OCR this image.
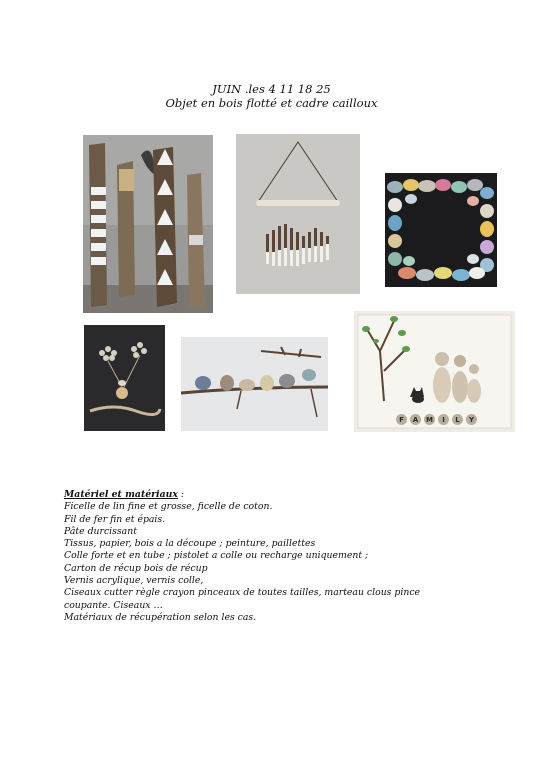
JUIN .les 4 11 18 25
Objet en bois flotté et cadre cailloux
F	A	M	I	L	Y
Matériel et matériaux :
Ficelle de lin fine et grosse, ficelle de coton.
Fil de fer fin et épais.
Pâte durcissant
Tissus, papier, bois a la découpe ; peinture, paillettes
Colle forte et en tube ; pistolet a colle ou recharge uniquement ;
Carton de récup bois de récup
Vernis acrylique, vernis colle,
Ciseaux cutter règle crayon pinceaux de toutes tailles, marteau clous pince
coupante. Ciseaux …
Matériaux de récupération selon les cas.
